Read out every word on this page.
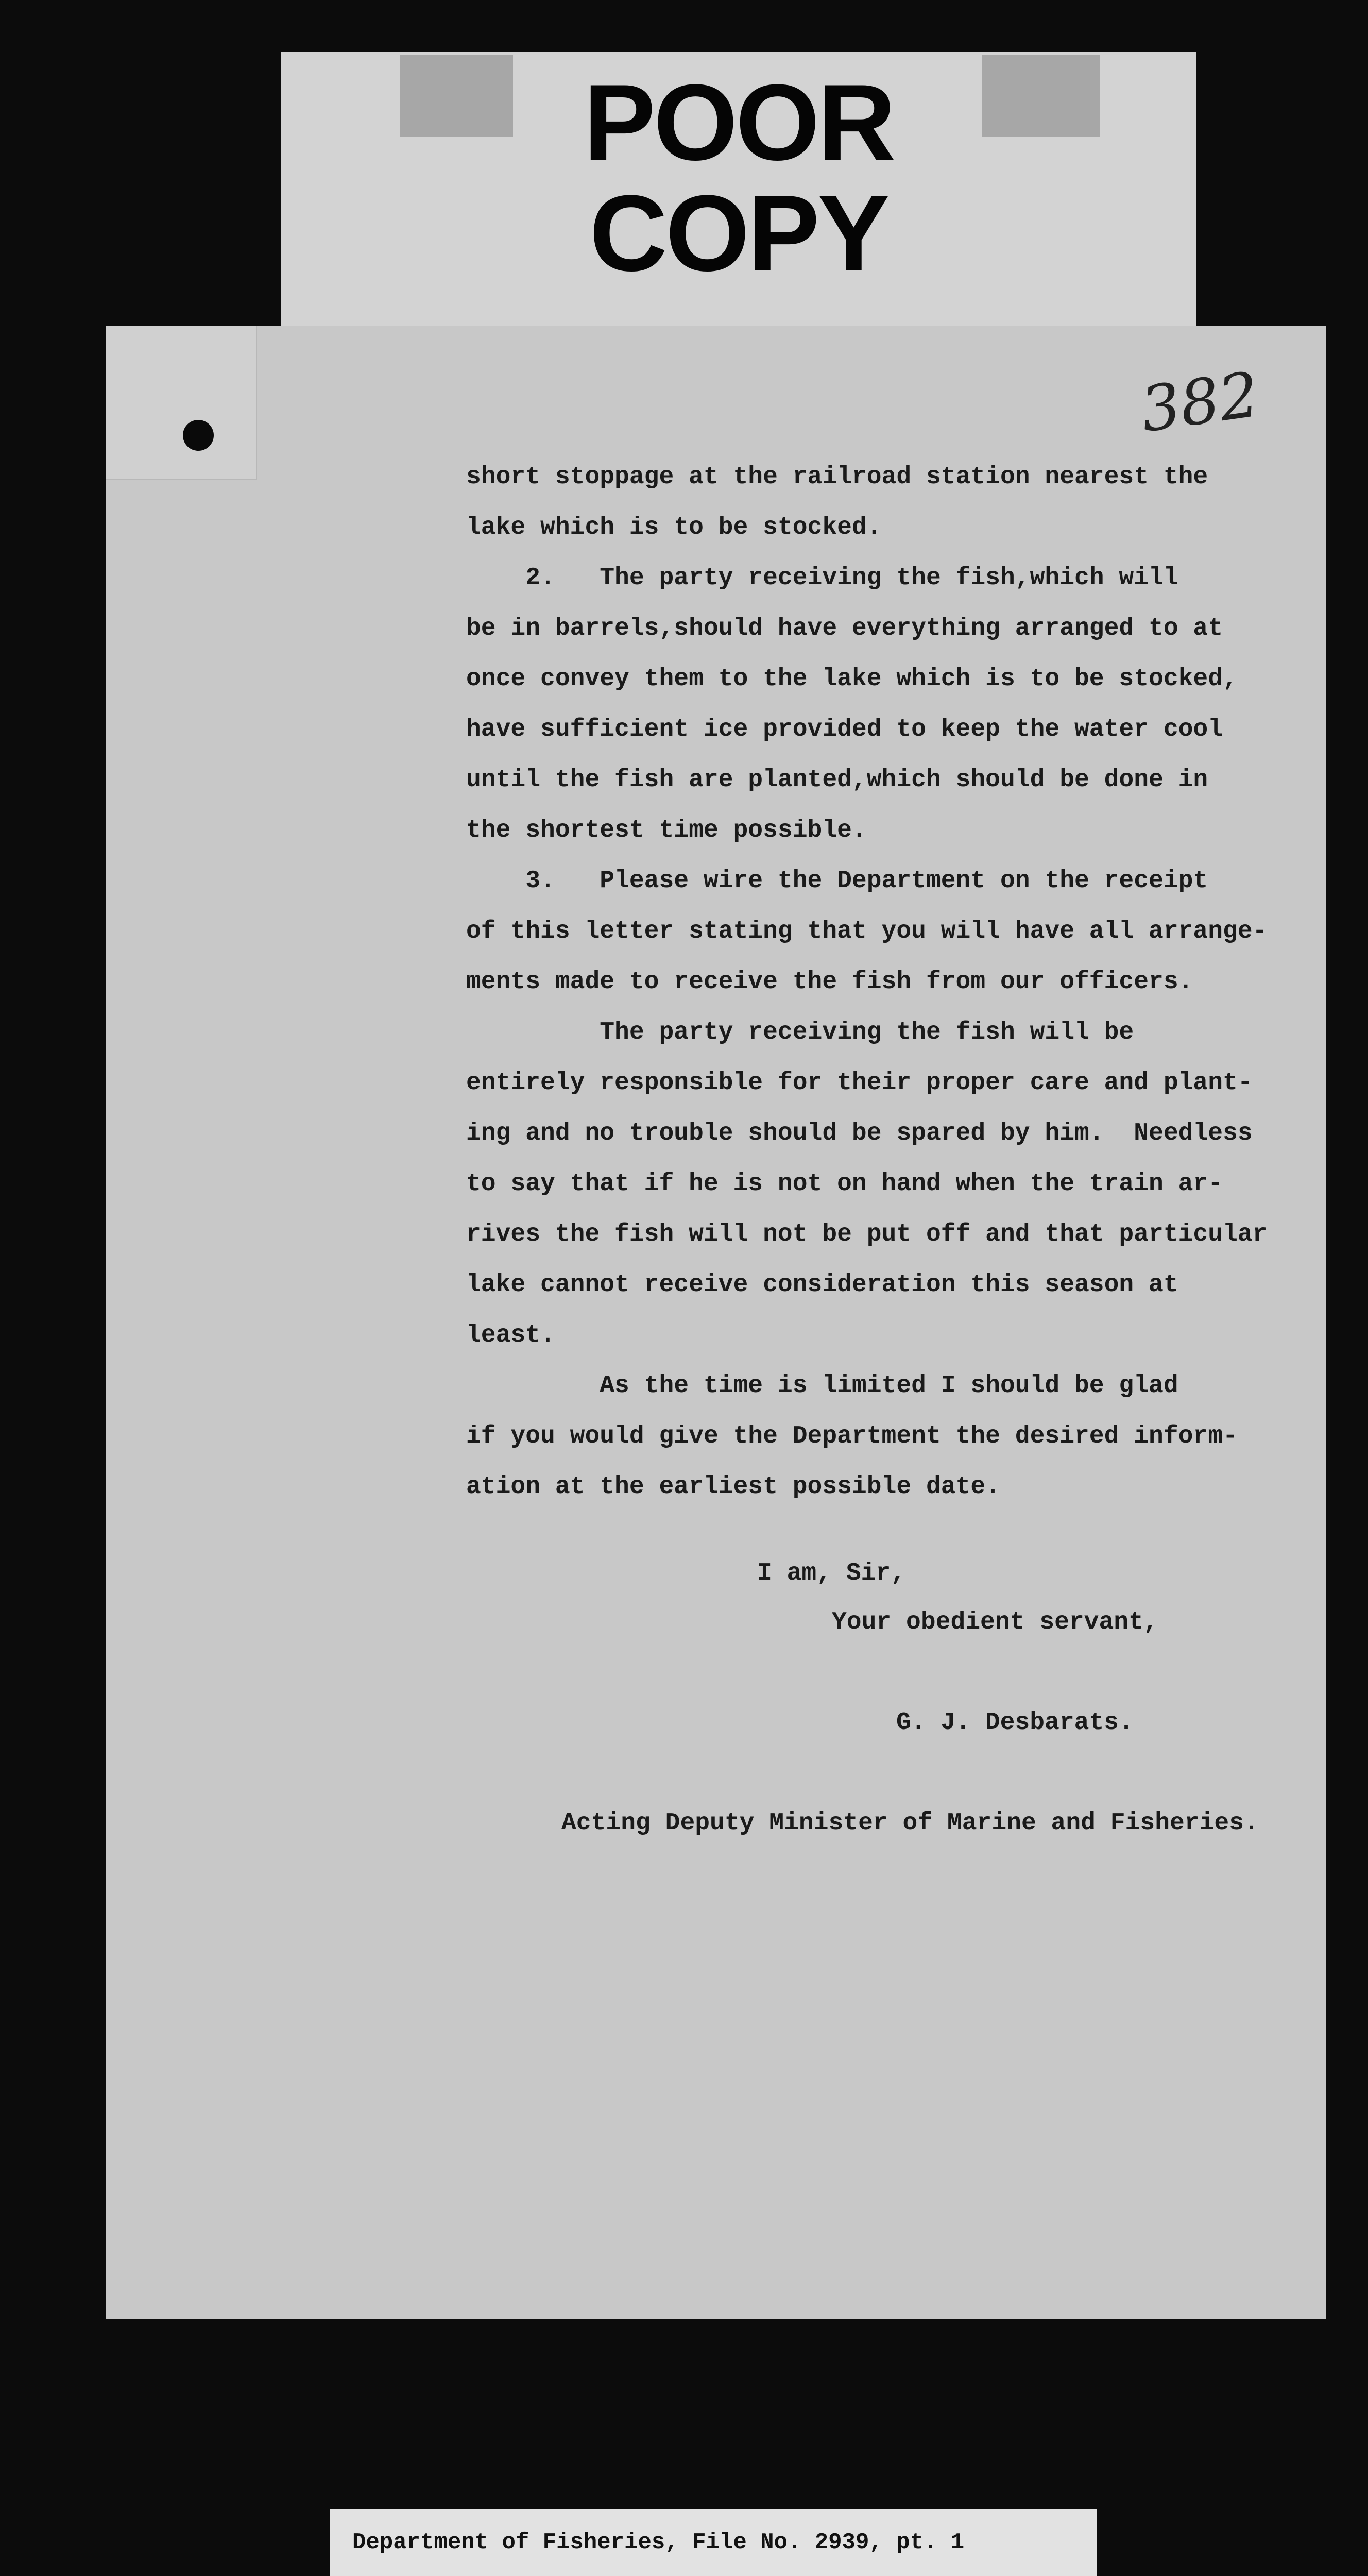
POOR
COPY
382
short stoppage at the railroad station nearest the
lake which is to be stocked.
2.   The party receiving the fish,which will
be in barrels,should have everything arranged to at
once convey them to the lake which is to be stocked,
have sufficient ice provided to keep the water cool
until the fish are planted,which should be done in
the shortest time possible.
3.   Please wire the Department on the receipt
of this letter stating that you will have all arrange-
ments made to receive the fish from our officers.
The party receiving the fish will be
entirely responsible for their proper care and plant-
ing and no trouble should be spared by him.  Needless
to say that if he is not on hand when the train ar-
rives the fish will not be put off and that particular
lake cannot receive consideration this season at
least.
As the time is limited I should be glad
if you would give the Department the desired inform-
ation at the earliest possible date.
I am, Sir,
Your obedient servant,
G. J. Desbarats.
Acting Deputy Minister of Marine and Fisheries.
Department of Fisheries, File No. 2939, pt. 1
